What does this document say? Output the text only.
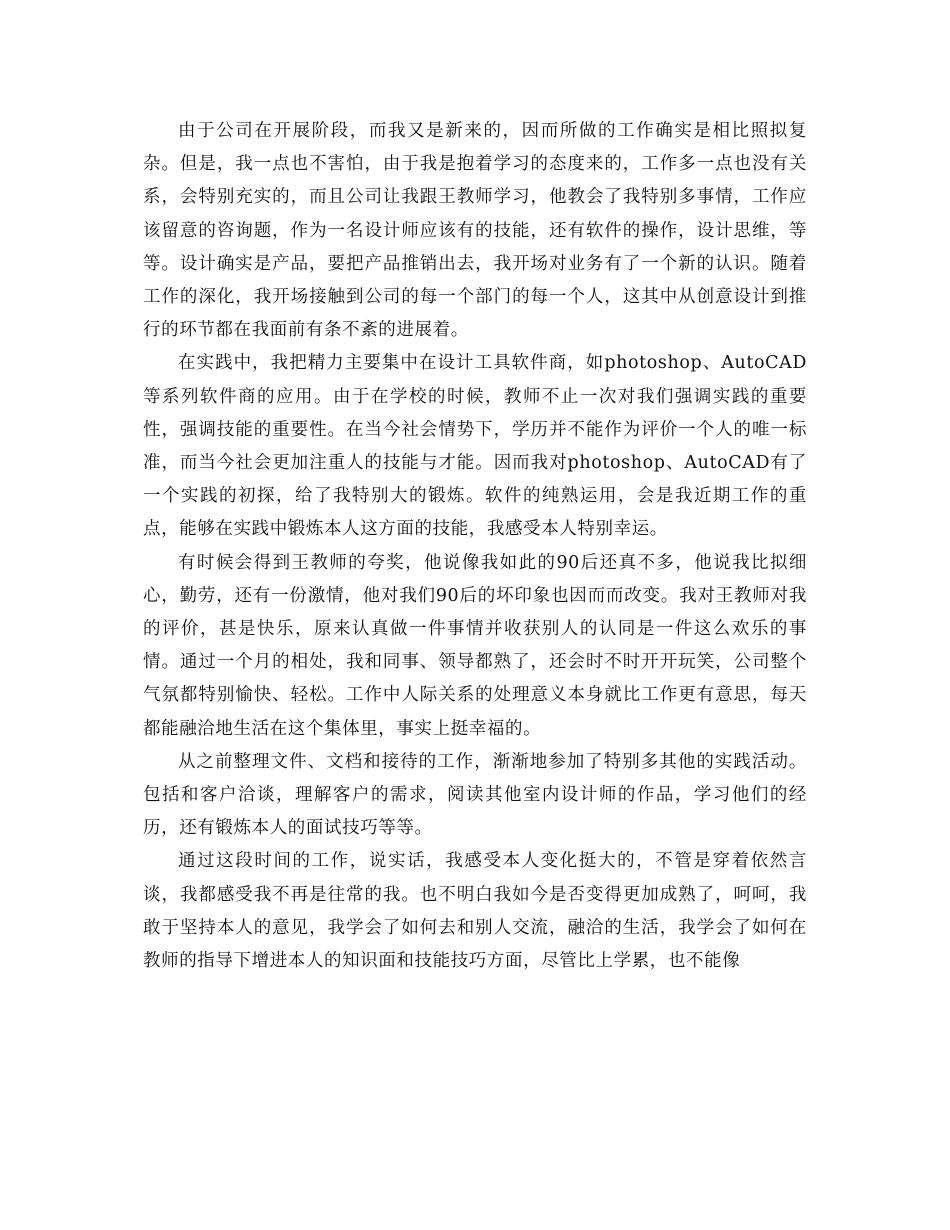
由于公司在开展阶段，而我又是新来的，因而所做的工作确实是相比照拟复杂。但是，我一点也不害怕，由于我是抱着学习的态度来的，工作多一点也没有关系，会特别充实的，而且公司让我跟王教师学习，他教会了我特别多事情，工作应该留意的咨询题，作为一名设计师应该有的技能，还有软件的操作，设计思维，等等。设计确实是产品，要把产品推销出去，我开场对业务有了一个新的认识。随着工作的深化，我开场接触到公司的每一个部门的每一个人，这其中从创意设计到推行的环节都在我面前有条不紊的进展着。

在实践中，我把精力主要集中在设计工具软件商，如photoshop、AutoCAD等系列软件商的应用。由于在学校的时候，教师不止一次对我们强调实践的重要性，强调技能的重要性。在当今社会情势下，学历并不能作为评价一个人的唯一标准，而当今社会更加注重人的技能与才能。因而我对photoshop、AutoCAD有了一个实践的初探，给了我特别大的锻炼。软件的纯熟运用，会是我近期工作的重点，能够在实践中锻炼本人这方面的技能，我感受本人特别幸运。

有时候会得到王教师的夸奖，他说像我如此的90后还真不多，他说我比拟细心，勤劳，还有一份激情，他对我们90后的坏印象也因而而改变。我对王教师对我的评价，甚是快乐，原来认真做一件事情并收获别人的认同是一件这么欢乐的事情。通过一个月的相处，我和同事、领导都熟了，还会时不时开开玩笑，公司整个气氛都特别愉快、轻松。工作中人际关系的处理意义本身就比工作更有意思，每天都能融洽地生活在这个集体里，事实上挺幸福的。

从之前整理文件、文档和接待的工作，渐渐地参加了特别多其他的实践活动。包括和客户洽谈，理解客户的需求，阅读其他室内设计师的作品，学习他们的经历，还有锻炼本人的面试技巧等等。

通过这段时间的工作，说实话，我感受本人变化挺大的，不管是穿着依然言谈，我都感受我不再是往常的我。也不明白我如今是否变得更加成熟了，呵呵，我敢于坚持本人的意见，我学会了如何去和别人交流，融洽的生活，我学会了如何在教师的指导下增进本人的知识面和技能技巧方面，尽管比上学累，也不能像
